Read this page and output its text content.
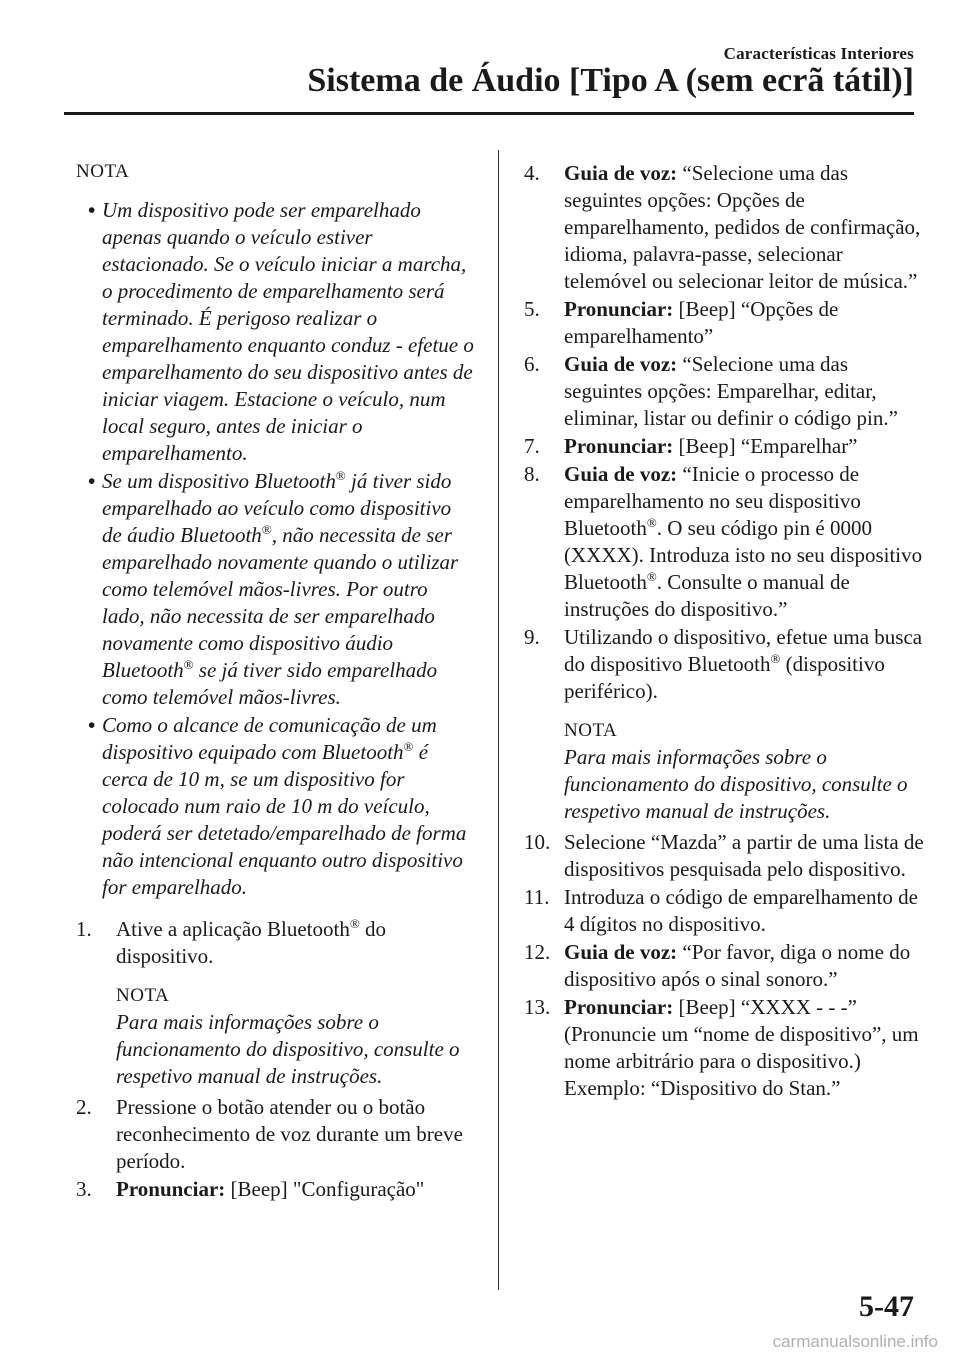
Características Interiores
Sistema de Áudio [Tipo A (sem ecrã tátil)]
NOTA
• Um dispositivo pode ser emparelhado apenas quando o veículo estiver estacionado. Se o veículo iniciar a marcha, o procedimento de emparelhamento será terminado. É perigoso realizar o emparelhamento enquanto conduz - efetue o emparelhamento do seu dispositivo antes de iniciar viagem. Estacione o veículo, num local seguro, antes de iniciar o emparelhamento.
• Se um dispositivo Bluetooth® já tiver sido emparelhado ao veículo como dispositivo de áudio Bluetooth®, não necessita de ser emparelhado novamente quando o utilizar como telemóvel mãos-livres. Por outro lado, não necessita de ser emparelhado novamente como dispositivo áudio Bluetooth® se já tiver sido emparelhado como telemóvel mãos-livres.
• Como o alcance de comunicação de um dispositivo equipado com Bluetooth® é cerca de 10 m, se um dispositivo for colocado num raio de 10 m do veículo, poderá ser detetado/emparelhado de forma não intencional enquanto outro dispositivo for emparelhado.
1. Ative a aplicação Bluetooth® do dispositivo.
NOTA
Para mais informações sobre o funcionamento do dispositivo, consulte o respetivo manual de instruções.
2. Pressione o botão atender ou o botão reconhecimento de voz durante um breve período.
3. Pronunciar: [Beep] "Configuração"
4. Guia de voz: “Selecione uma das seguintes opções: Opções de emparelhamento, pedidos de confirmação, idioma, palavra-passe, selecionar telemóvel ou selecionar leitor de música.”
5. Pronunciar: [Beep] “Opções de emparelhamento”
6. Guia de voz: “Selecione uma das seguintes opções: Emparelhar, editar, eliminar, listar ou definir o código pin.”
7. Pronunciar: [Beep] “Emparelhar”
8. Guia de voz: “Inicie o processo de emparelhamento no seu dispositivo Bluetooth®. O seu código pin é 0000 (XXXX). Introduza isto no seu dispositivo Bluetooth®. Consulte o manual de instruções do dispositivo.”
9. Utilizando o dispositivo, efetue uma busca do dispositivo Bluetooth® (dispositivo periférico).
NOTA
Para mais informações sobre o funcionamento do dispositivo, consulte o respetivo manual de instruções.
10. Selecione “Mazda” a partir de uma lista de dispositivos pesquisada pelo dispositivo.
11. Introduza o código de emparelhamento de 4 dígitos no dispositivo.
12. Guia de voz: “Por favor, diga o nome do dispositivo após o sinal sonoro.”
13. Pronunciar: [Beep] “XXXX - - -” (Pronuncie um “nome de dispositivo”, um nome arbitrário para o dispositivo.) Exemplo: “Dispositivo do Stan.”
5-47
carmanualsonline.info
